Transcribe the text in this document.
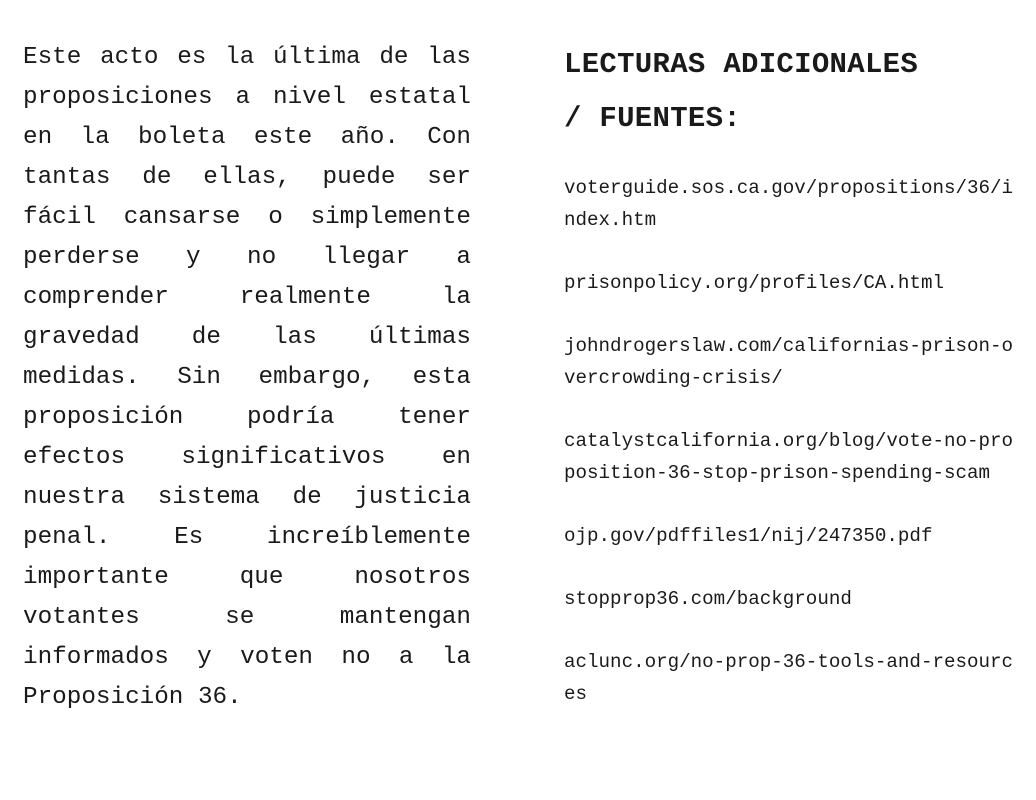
Este acto es la última de las proposiciones a nivel estatal en la boleta este año. Con tantas de ellas, puede ser fácil cansarse o simplemente perderse y no llegar a comprender realmente la gravedad de las últimas medidas. Sin embargo, esta proposición podría tener efectos significativos en nuestra sistema de justicia penal. Es increíblemente importante que nosotros votantes se mantengan informados y voten no a la Proposición 36.
LECTURAS ADICIONALES
/ FUENTES:
voterguide.sos.ca.gov/propositions/36/index.htm
prisonpolicy.org/profiles/CA.html
johndrogerslaw.com/californias-prison-overcrowding-crisis/
catalystcalifornia.org/blog/vote-no-proposition-36-stop-prison-spending-scam
ojp.gov/pdffiles1/nij/247350.pdf
stopprop36.com/background
aclunc.org/no-prop-36-tools-and-resources
